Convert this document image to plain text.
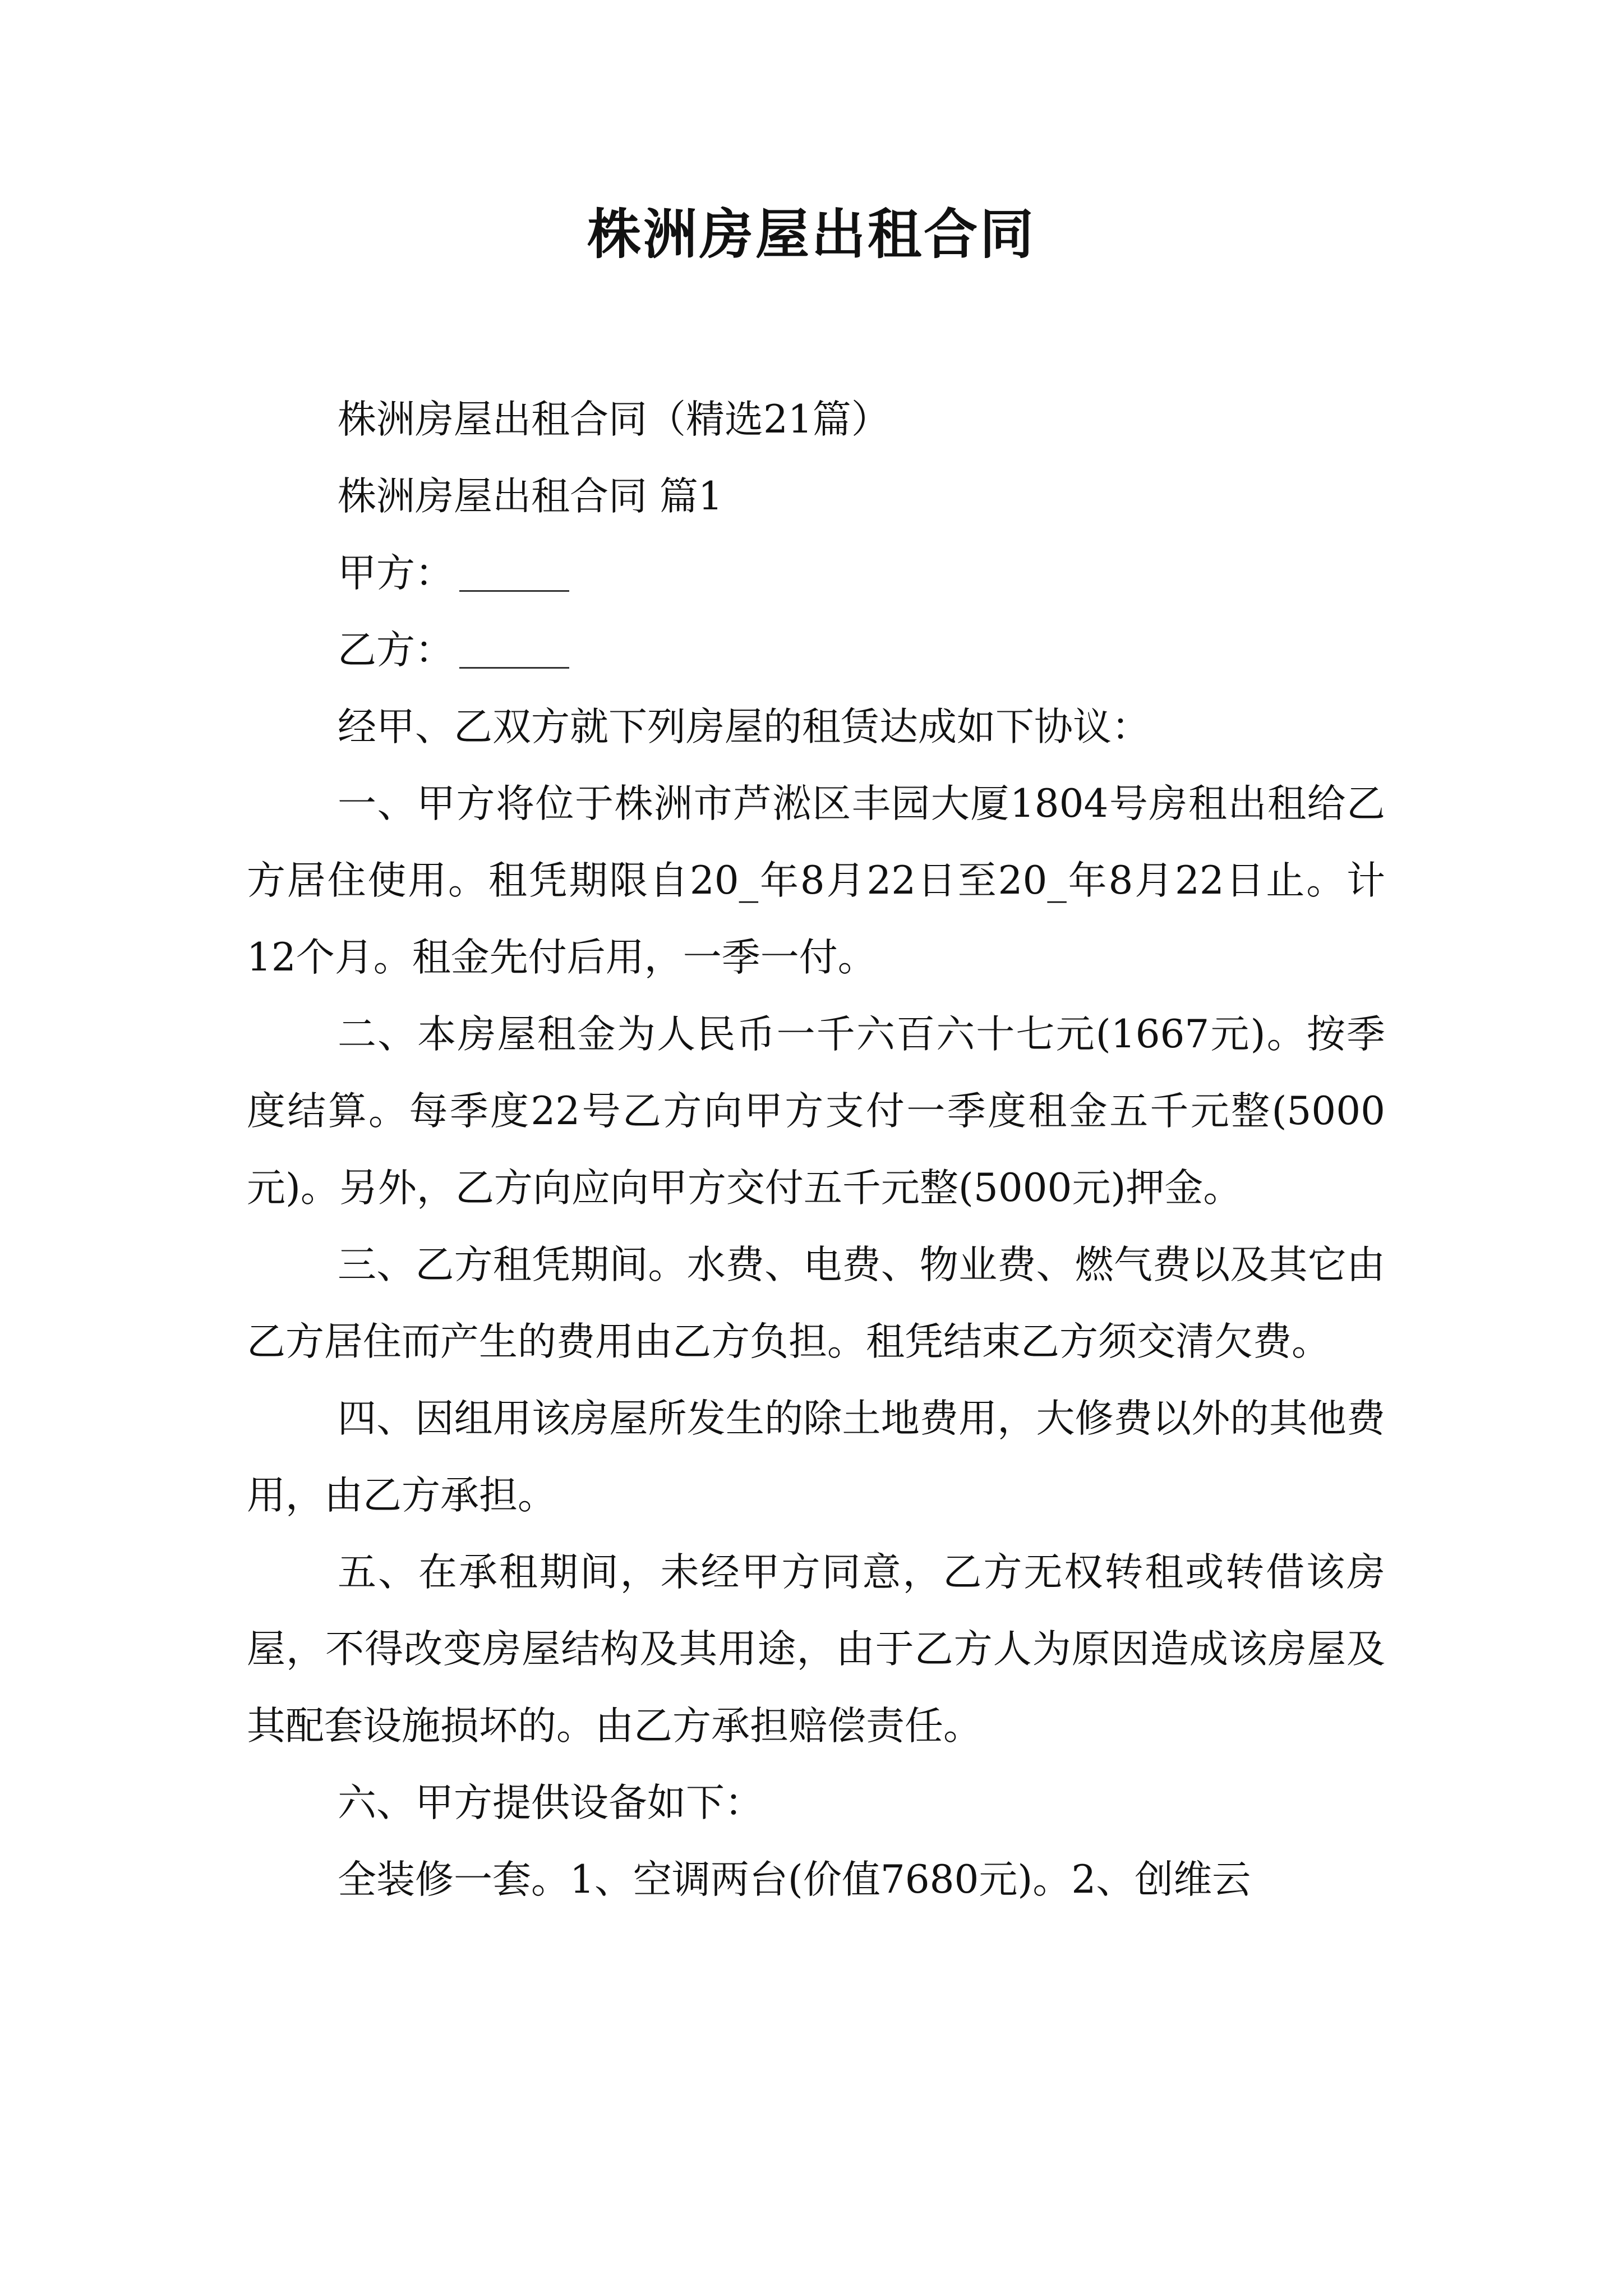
株洲房屋出租合同

株洲房屋出租合同（精选21篇）

株洲房屋出租合同 篇1

甲方：

乙方：

经甲、乙双方就下列房屋的租赁达成如下协议：

一、甲方将位于株洲市芦淞区丰园大厦1804号房租出租给乙方居住使用。租凭期限自20_年8月22日至20_年8月22日止。计12个月。租金先付后用，一季一付。

二、本房屋租金为人民币一千六百六十七元(1667元)。按季度结算。每季度22号乙方向甲方支付一季度租金五千元整(5000元)。另外，乙方向应向甲方交付五千元整(5000元)押金。

三、乙方租凭期间。水费、电费、物业费、燃气费以及其它由乙方居住而产生的费用由乙方负担。租凭结束乙方须交清欠费。

四、因组用该房屋所发生的除土地费用，大修费以外的其他费用，由乙方承担。

五、在承租期间，未经甲方同意，乙方无权转租或转借该房屋，不得改变房屋结构及其用途，由于乙方人为原因造成该房屋及其配套设施损坏的。由乙方承担赔偿责任。

六、甲方提供设备如下：

全装修一套。1、空调两台(价值7680元)。2、创维云
